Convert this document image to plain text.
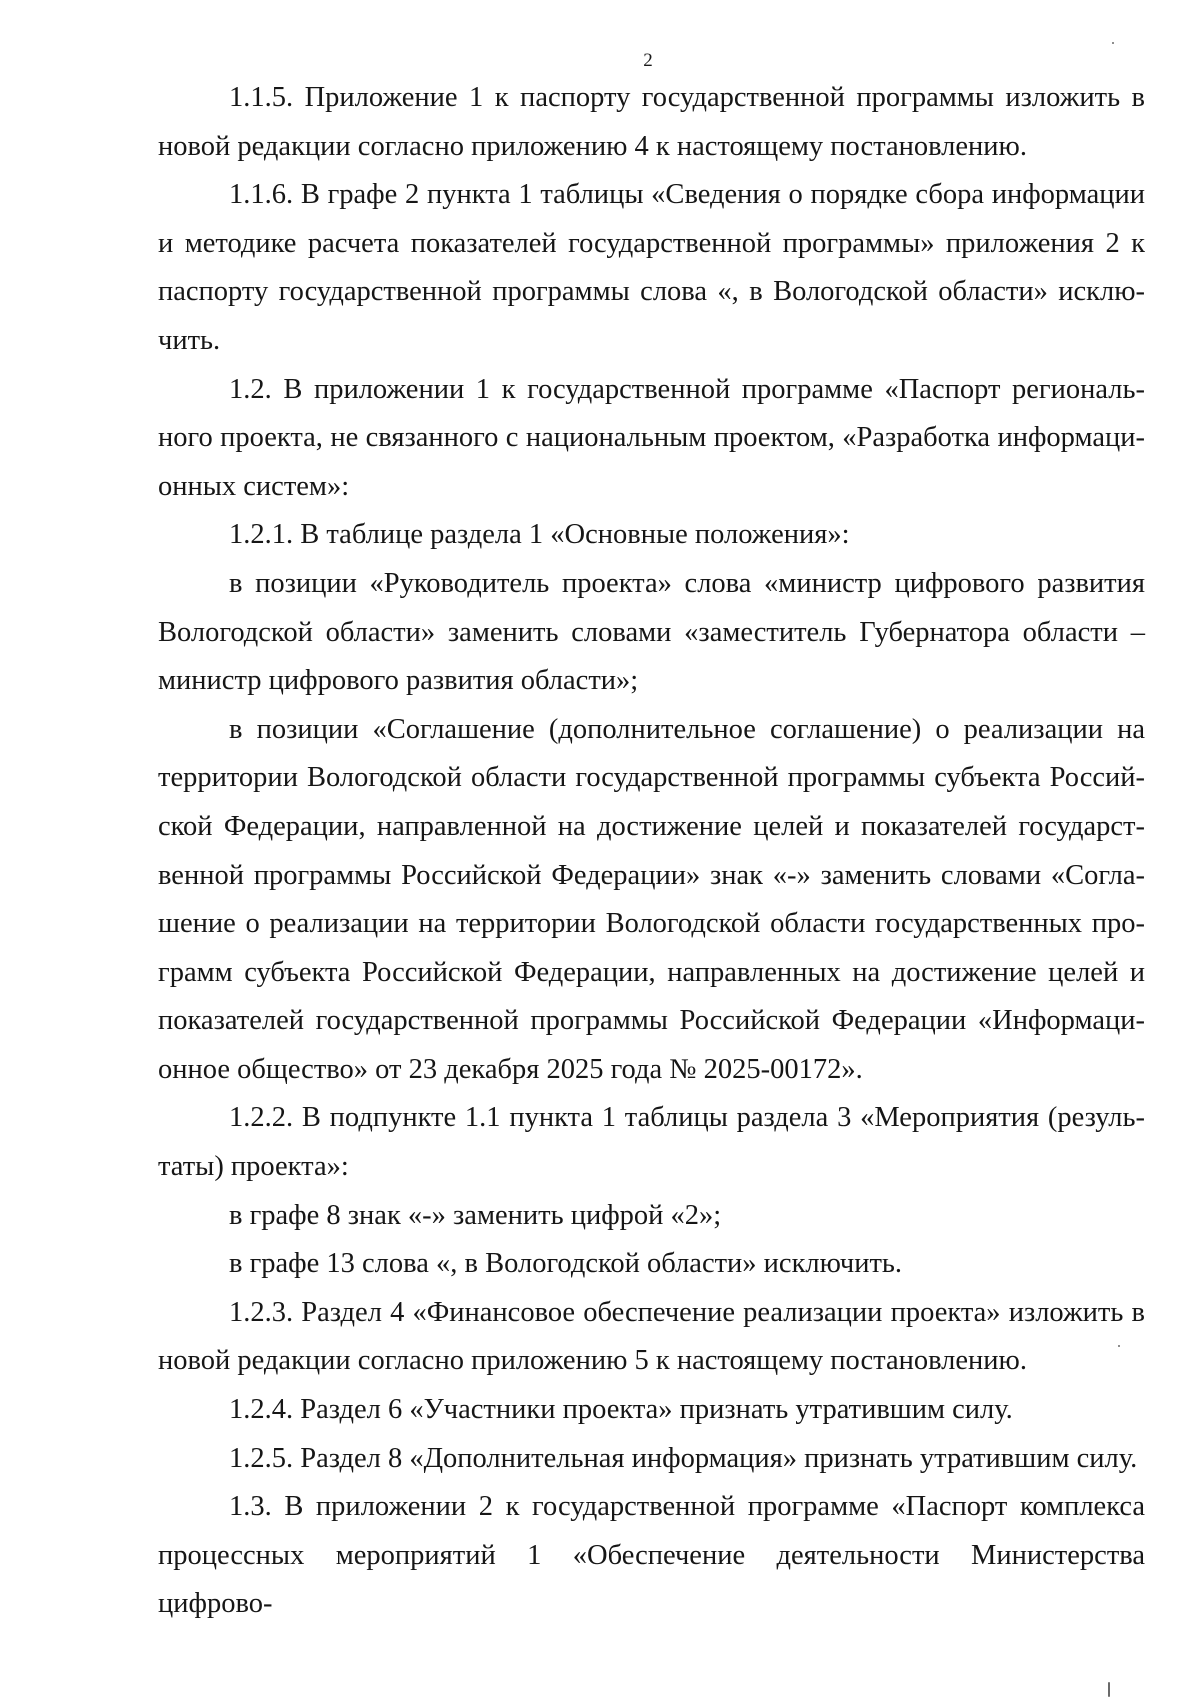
2

1.1.5. Приложение 1 к паспорту государственной программы изложить в новой редакции согласно приложению 4 к настоящему постановлению.

1.1.6. В графе 2 пункта 1 таблицы «Сведения о порядке сбора информации и методике расчета показателей государственной программы» приложения 2 к паспорту государственной программы слова «, в Вологодской области» исключить.

1.2. В приложении 1 к государственной программе «Паспорт регионального проекта, не связанного с национальным проектом, «Разработка информационных систем»:

1.2.1. В таблице раздела 1 «Основные положения»:

в позиции «Руководитель проекта» слова «министр цифрового развития Вологодской области» заменить словами «заместитель Губернатора области – министр цифрового развития области»;

в позиции «Соглашение (дополнительное соглашение) о реализации на территории Вологодской области государственной программы субъекта Российской Федерации, направленной на достижение целей и показателей государственной программы Российской Федерации» знак «-» заменить словами «Соглашение о реализации на территории Вологодской области государственных программ субъекта Российской Федерации, направленных на достижение целей и показателей государственной программы Российской Федерации «Информационное общество» от 23 декабря 2025 года № 2025-00172».

1.2.2. В подпункте 1.1 пункта 1 таблицы раздела 3 «Мероприятия (результаты) проекта»:

в графе 8 знак «-» заменить цифрой «2»;

в графе 13 слова «, в Вологодской области» исключить.

1.2.3. Раздел 4 «Финансовое обеспечение реализации проекта» изложить в новой редакции согласно приложению 5 к настоящему постановлению.

1.2.4. Раздел 6 «Участники проекта» признать утратившим силу.

1.2.5. Раздел 8 «Дополнительная информация» признать утратившим силу.

1.3. В приложении 2 к государственной программе «Паспорт комплекса процессных мероприятий 1 «Обеспечение деятельности Министерства цифрово-
